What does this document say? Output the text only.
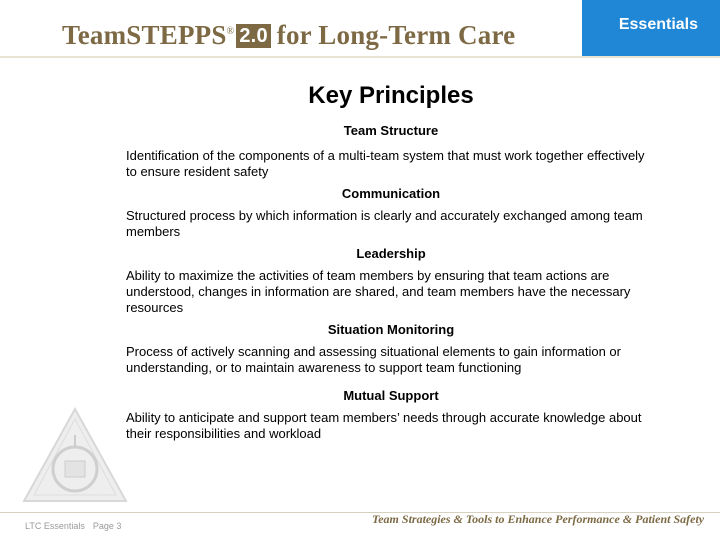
TeamSTEPPS® 2.0 for Long-Term Care	Essentials
Key Principles
Team Structure
Identification of the components of a multi-team system that must work together effectively to ensure resident safety
Communication
Structured process by which information is clearly and accurately exchanged among team members
Leadership
Ability to maximize the activities of team members by ensuring that team actions are understood, changes in information are shared, and team members have the necessary resources
Situation Monitoring
Process of actively scanning and assessing situational elements to gain information or understanding, or to maintain awareness to support team functioning
Mutual Support
Ability to anticipate and support team members’ needs through accurate knowledge about their responsibilities and workload
LTC Essentials Page 3	Team Strategies & Tools to Enhance Performance & Patient Safety
